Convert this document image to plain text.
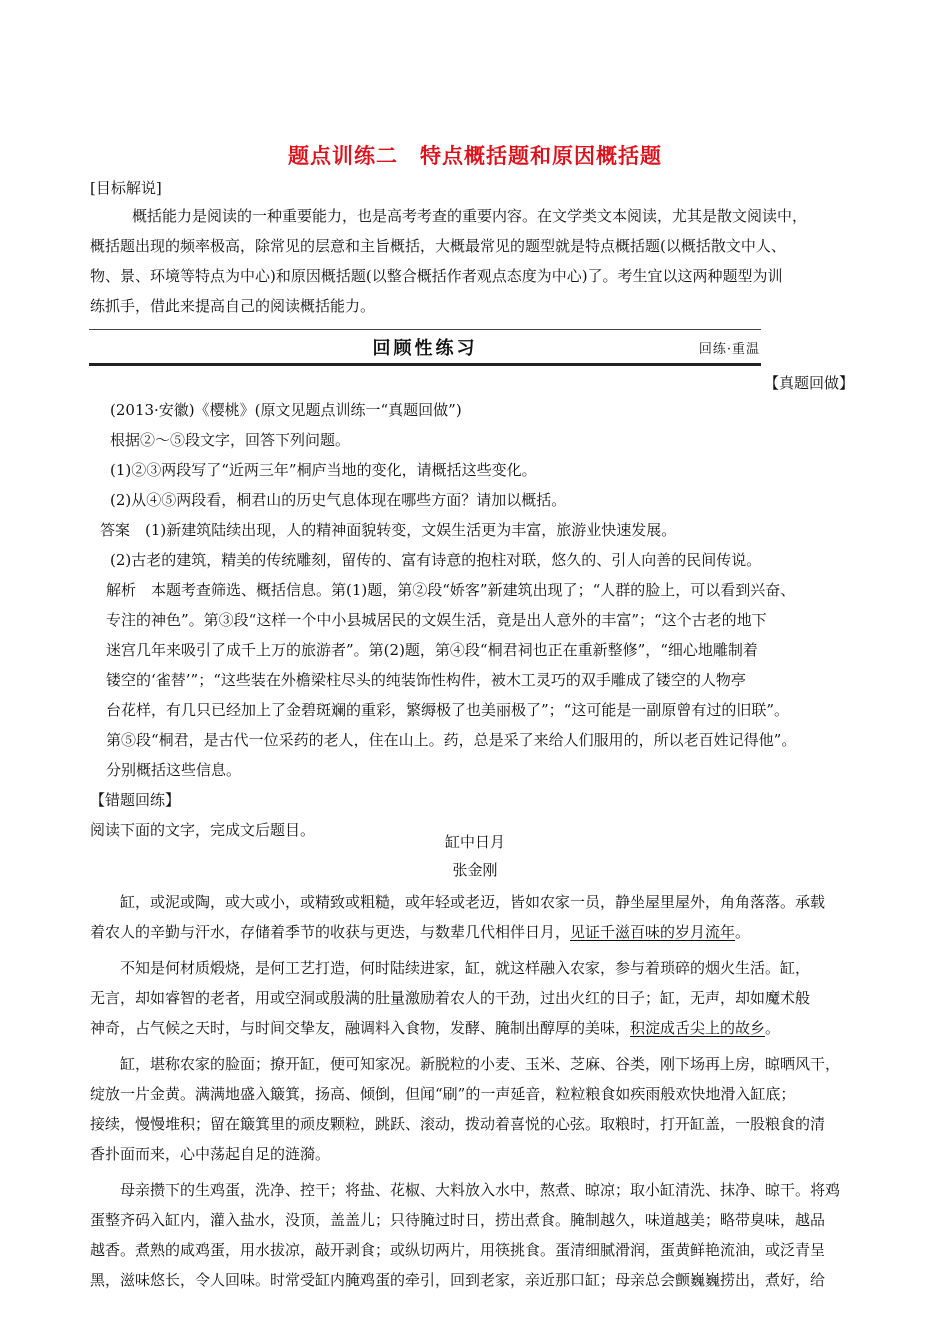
题点训练二　特点概括题和原因概括题
[目标解说]

概括能力是阅读的一种重要能力，也是高考考查的重要内容。在文学类文本阅读，尤其是散文阅读中，

概括题出现的频率极高，除常见的层意和主旨概括，大概最常见的题型就是特点概括题(以概括散文中人、

物、景、环境等特点为中心)和原因概括题(以整合概括作者观点态度为中心)了。考生宜以这两种题型为训

练抓手，借此来提高自己的阅读概括能力。

回顾性练习	回练·重温
【真题回做】

(2013·安徽)《樱桃》(原文见题点训练一“真题回做”)

根据②～⑤段文字，回答下列问题。

(1)②③两段写了“近两三年”桐庐当地的变化，请概括这些变化。

(2)从④⑤两段看，桐君山的历史气息体现在哪些方面？请加以概括。

答案　(1)新建筑陆续出现，人的精神面貌转变，文娱生活更为丰富，旅游业快速发展。

(2)古老的建筑，精美的传统雕刻，留传的、富有诗意的抱柱对联，悠久的、引人向善的民间传说。

解析　本题考查筛选、概括信息。第(1)题，第②段“娇客”新建筑出现了；“人群的脸上，可以看到兴奋、

专注的神色”。第③段“这样一个中小县城居民的文娱生活，竟是出人意外的丰富”；“这个古老的地下

迷宫几年来吸引了成千上万的旅游者”。第(2)题，第④段“桐君祠也正在重新整修”，“细心地雕制着

镂空的‘雀替’”；“这些装在外檐梁柱尽头的纯装饰性构件，被木工灵巧的双手雕成了镂空的人物亭

台花样，有几只已经加上了金碧斑斓的重彩，繁缛极了也美丽极了”；“这可能是一副原曾有过的旧联”。

第⑤段“桐君，是古代一位采药的老人，住在山上。药，总是采了来给人们服用的，所以老百姓记得他”。

分别概括这些信息。

【错题回练】

阅读下面的文字，完成文后题目。

缸中日月
张金刚

缸，或泥或陶，或大或小，或精致或粗糙，或年轻或老迈，皆如农家一员，静坐屋里屋外，角角落落。承载

着农人的辛勤与汗水，存储着季节的收获与更迭，与数辈几代相伴日月，见证千滋百味的岁月流年。

不知是何材质煅烧，是何工艺打造，何时陆续进家，缸，就这样融入农家，参与着琐碎的烟火生活。缸，

无言，却如睿智的老者，用或空洞或殷满的肚量激励着农人的干劲，过出火红的日子；缸，无声，却如魔术般

神奇，占气候之天时，与时间交挚友，融调料入食物，发酵、腌制出醇厚的美味，积淀成舌尖上的故乡。

缸，堪称农家的脸面；撩开缸，便可知家况。新脱粒的小麦、玉米、芝麻、谷类，刚下场再上房，晾晒风干，

绽放一片金黄。满满地盛入簸箕，扬高、倾倒，但闻“刷”的一声延音，粒粒粮食如疾雨般欢快地滑入缸底；

接续，慢慢堆积；留在簸箕里的顽皮颗粒，跳跃、滚动，拨动着喜悦的心弦。取粮时，打开缸盖，一股粮食的清

香扑面而来，心中荡起自足的涟漪。

母亲攒下的生鸡蛋，洗净、控干；将盐、花椒、大料放入水中，熬煮、晾凉；取小缸清洗、抹净、晾干。将鸡

蛋整齐码入缸内，灌入盐水，没顶，盖盖儿；只待腌过时日，捞出煮食。腌制越久，味道越美；略带臭味，越品

越香。煮熟的咸鸡蛋，用水拔凉，敲开剥食；或纵切两片，用筷挑食。蛋清细腻滑润，蛋黄鲜艳流油，或泛青呈

黑，滋味悠长，令人回味。时常受缸内腌鸡蛋的牵引，回到老家，亲近那口缸；母亲总会颤巍巍捞出，煮好，给
